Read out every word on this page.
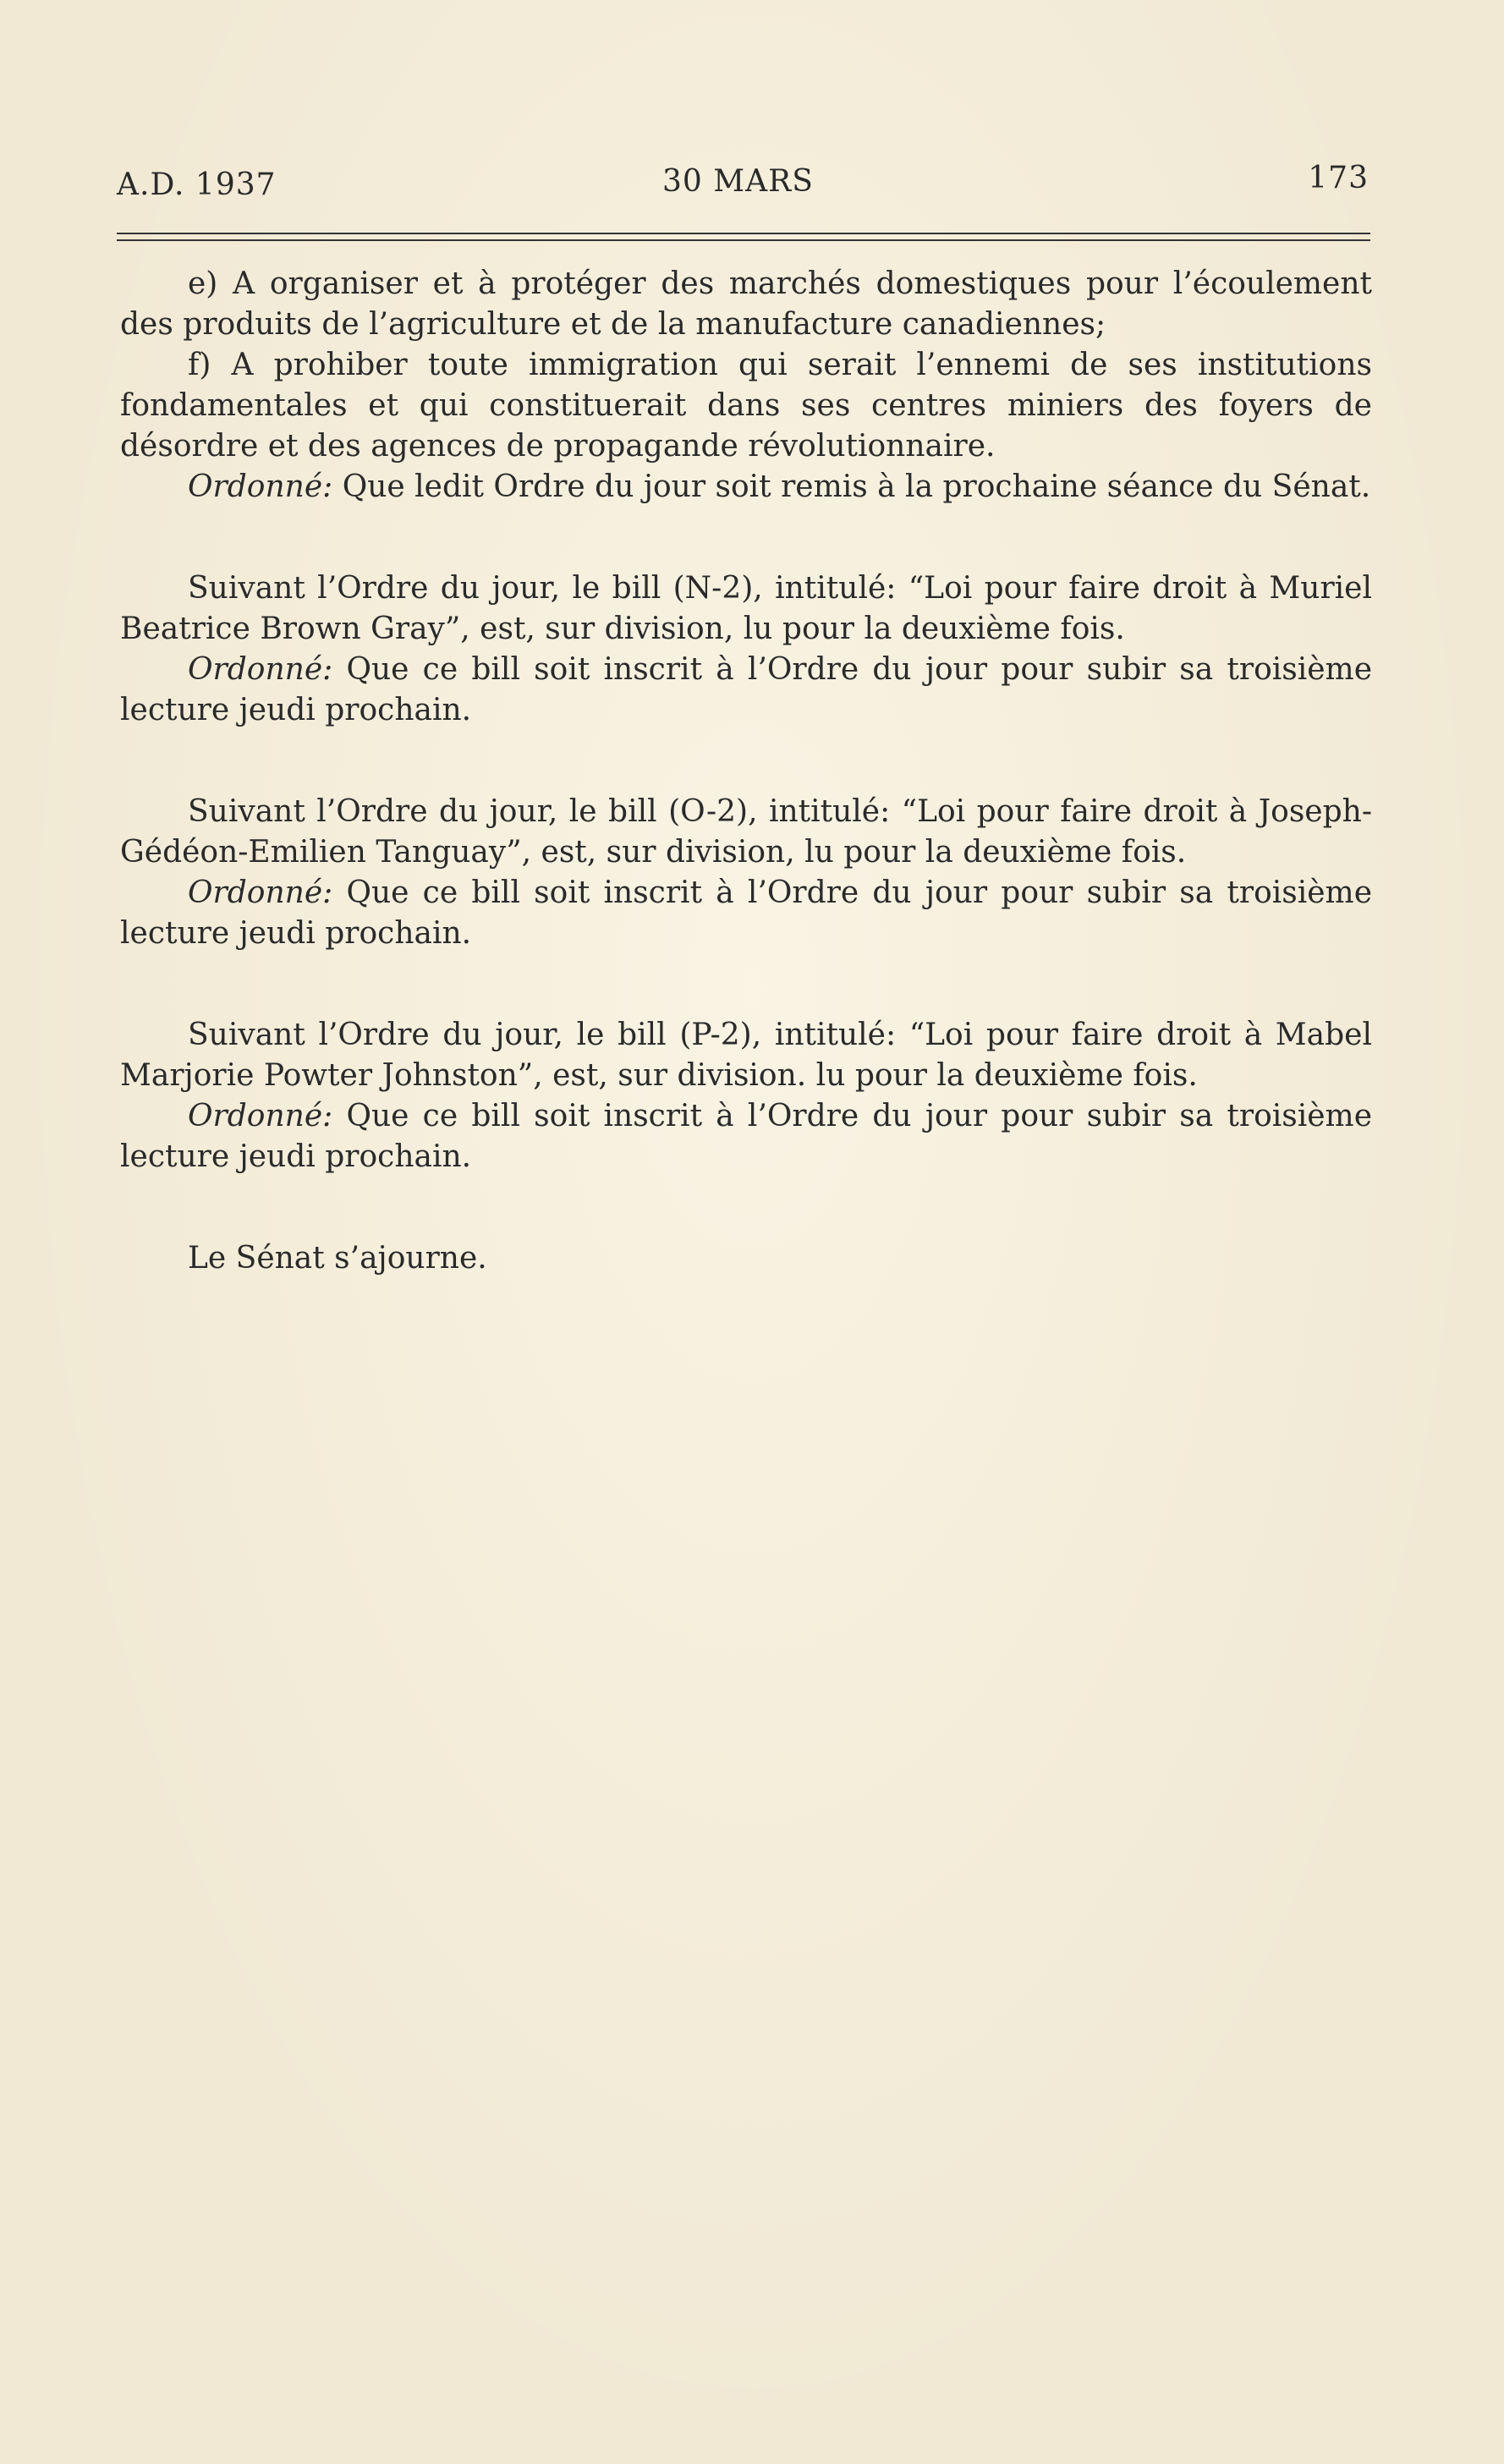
A.D. 1937	30 MARS	173

e) A organiser et à protéger des marchés domestiques pour l’écoulement des produits de l’agriculture et de la manufacture canadiennes;

f) A prohiber toute immigration qui serait l’ennemi de ses institutions fondamentales et qui constituerait dans ses centres miniers des foyers de désordre et des agences de propagande révolutionnaire.

Ordonné: Que ledit Ordre du jour soit remis à la prochaine séance du Sénat.

Suivant l’Ordre du jour, le bill (N-2), intitulé: “Loi pour faire droit à Muriel Beatrice Brown Gray”, est, sur division, lu pour la deuxième fois.

Ordonné: Que ce bill soit inscrit à l’Ordre du jour pour subir sa troisième lecture jeudi prochain.

Suivant l’Ordre du jour, le bill (O-2), intitulé: “Loi pour faire droit à Joseph-Gédéon-Emilien Tanguay”, est, sur division, lu pour la deuxième fois.

Ordonné: Que ce bill soit inscrit à l’Ordre du jour pour subir sa troisième lecture jeudi prochain.

Suivant l’Ordre du jour, le bill (P-2), intitulé: “Loi pour faire droit à Mabel Marjorie Powter Johnston”, est, sur division. lu pour la deuxième fois.

Ordonné: Que ce bill soit inscrit à l’Ordre du jour pour subir sa troisième lecture jeudi prochain.

Le Sénat s’ajourne.
